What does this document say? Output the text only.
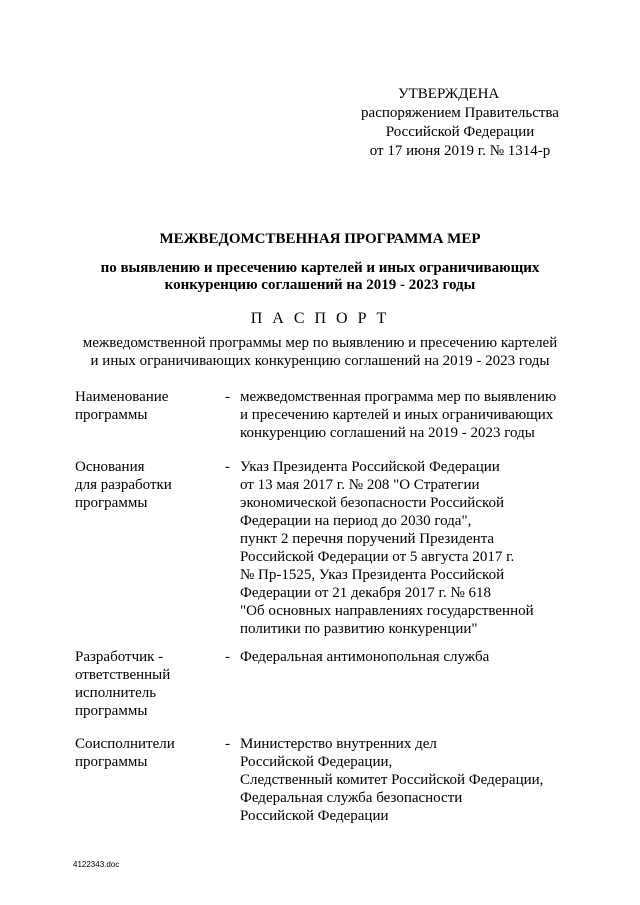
УТВЕРЖДЕНА
распоряжением Правительства
Российской Федерации
от 17 июня 2019 г. № 1314-р
МЕЖВЕДОМСТВЕННАЯ ПРОГРАММА МЕР
по выявлению и пресечению картелей и иных ограничивающих
конкуренцию соглашений на 2019 - 2023 годы
П А С П О Р Т
межведомственной программы мер по выявлению и пресечению картелей
и иных ограничивающих конкуренцию соглашений на 2019 - 2023 годы
Наименование
программы
- межведомственная программа мер по выявлению
и пресечению картелей и иных ограничивающих
конкуренцию соглашений на 2019 - 2023 годы
Основания
для разработки
программы
- Указ Президента Российской Федерации
от 13 мая 2017 г. № 208 "О Стратегии
экономической безопасности Российской
Федерации на период до 2030 года",
пункт 2 перечня поручений Президента
Российской Федерации от 5 августа 2017 г.
№ Пр-1525, Указ Президента Российской
Федерации от 21 декабря 2017 г. № 618
"Об основных направлениях государственной
политики по развитию конкуренции"
Разработчик -
ответственный
исполнитель
программы
- Федеральная антимонопольная служба
Соисполнители
программы
- Министерство внутренних дел
Российской Федерации,
Следственный комитет Российской Федерации,
Федеральная служба безопасности
Российской Федерации
4122343.doc
